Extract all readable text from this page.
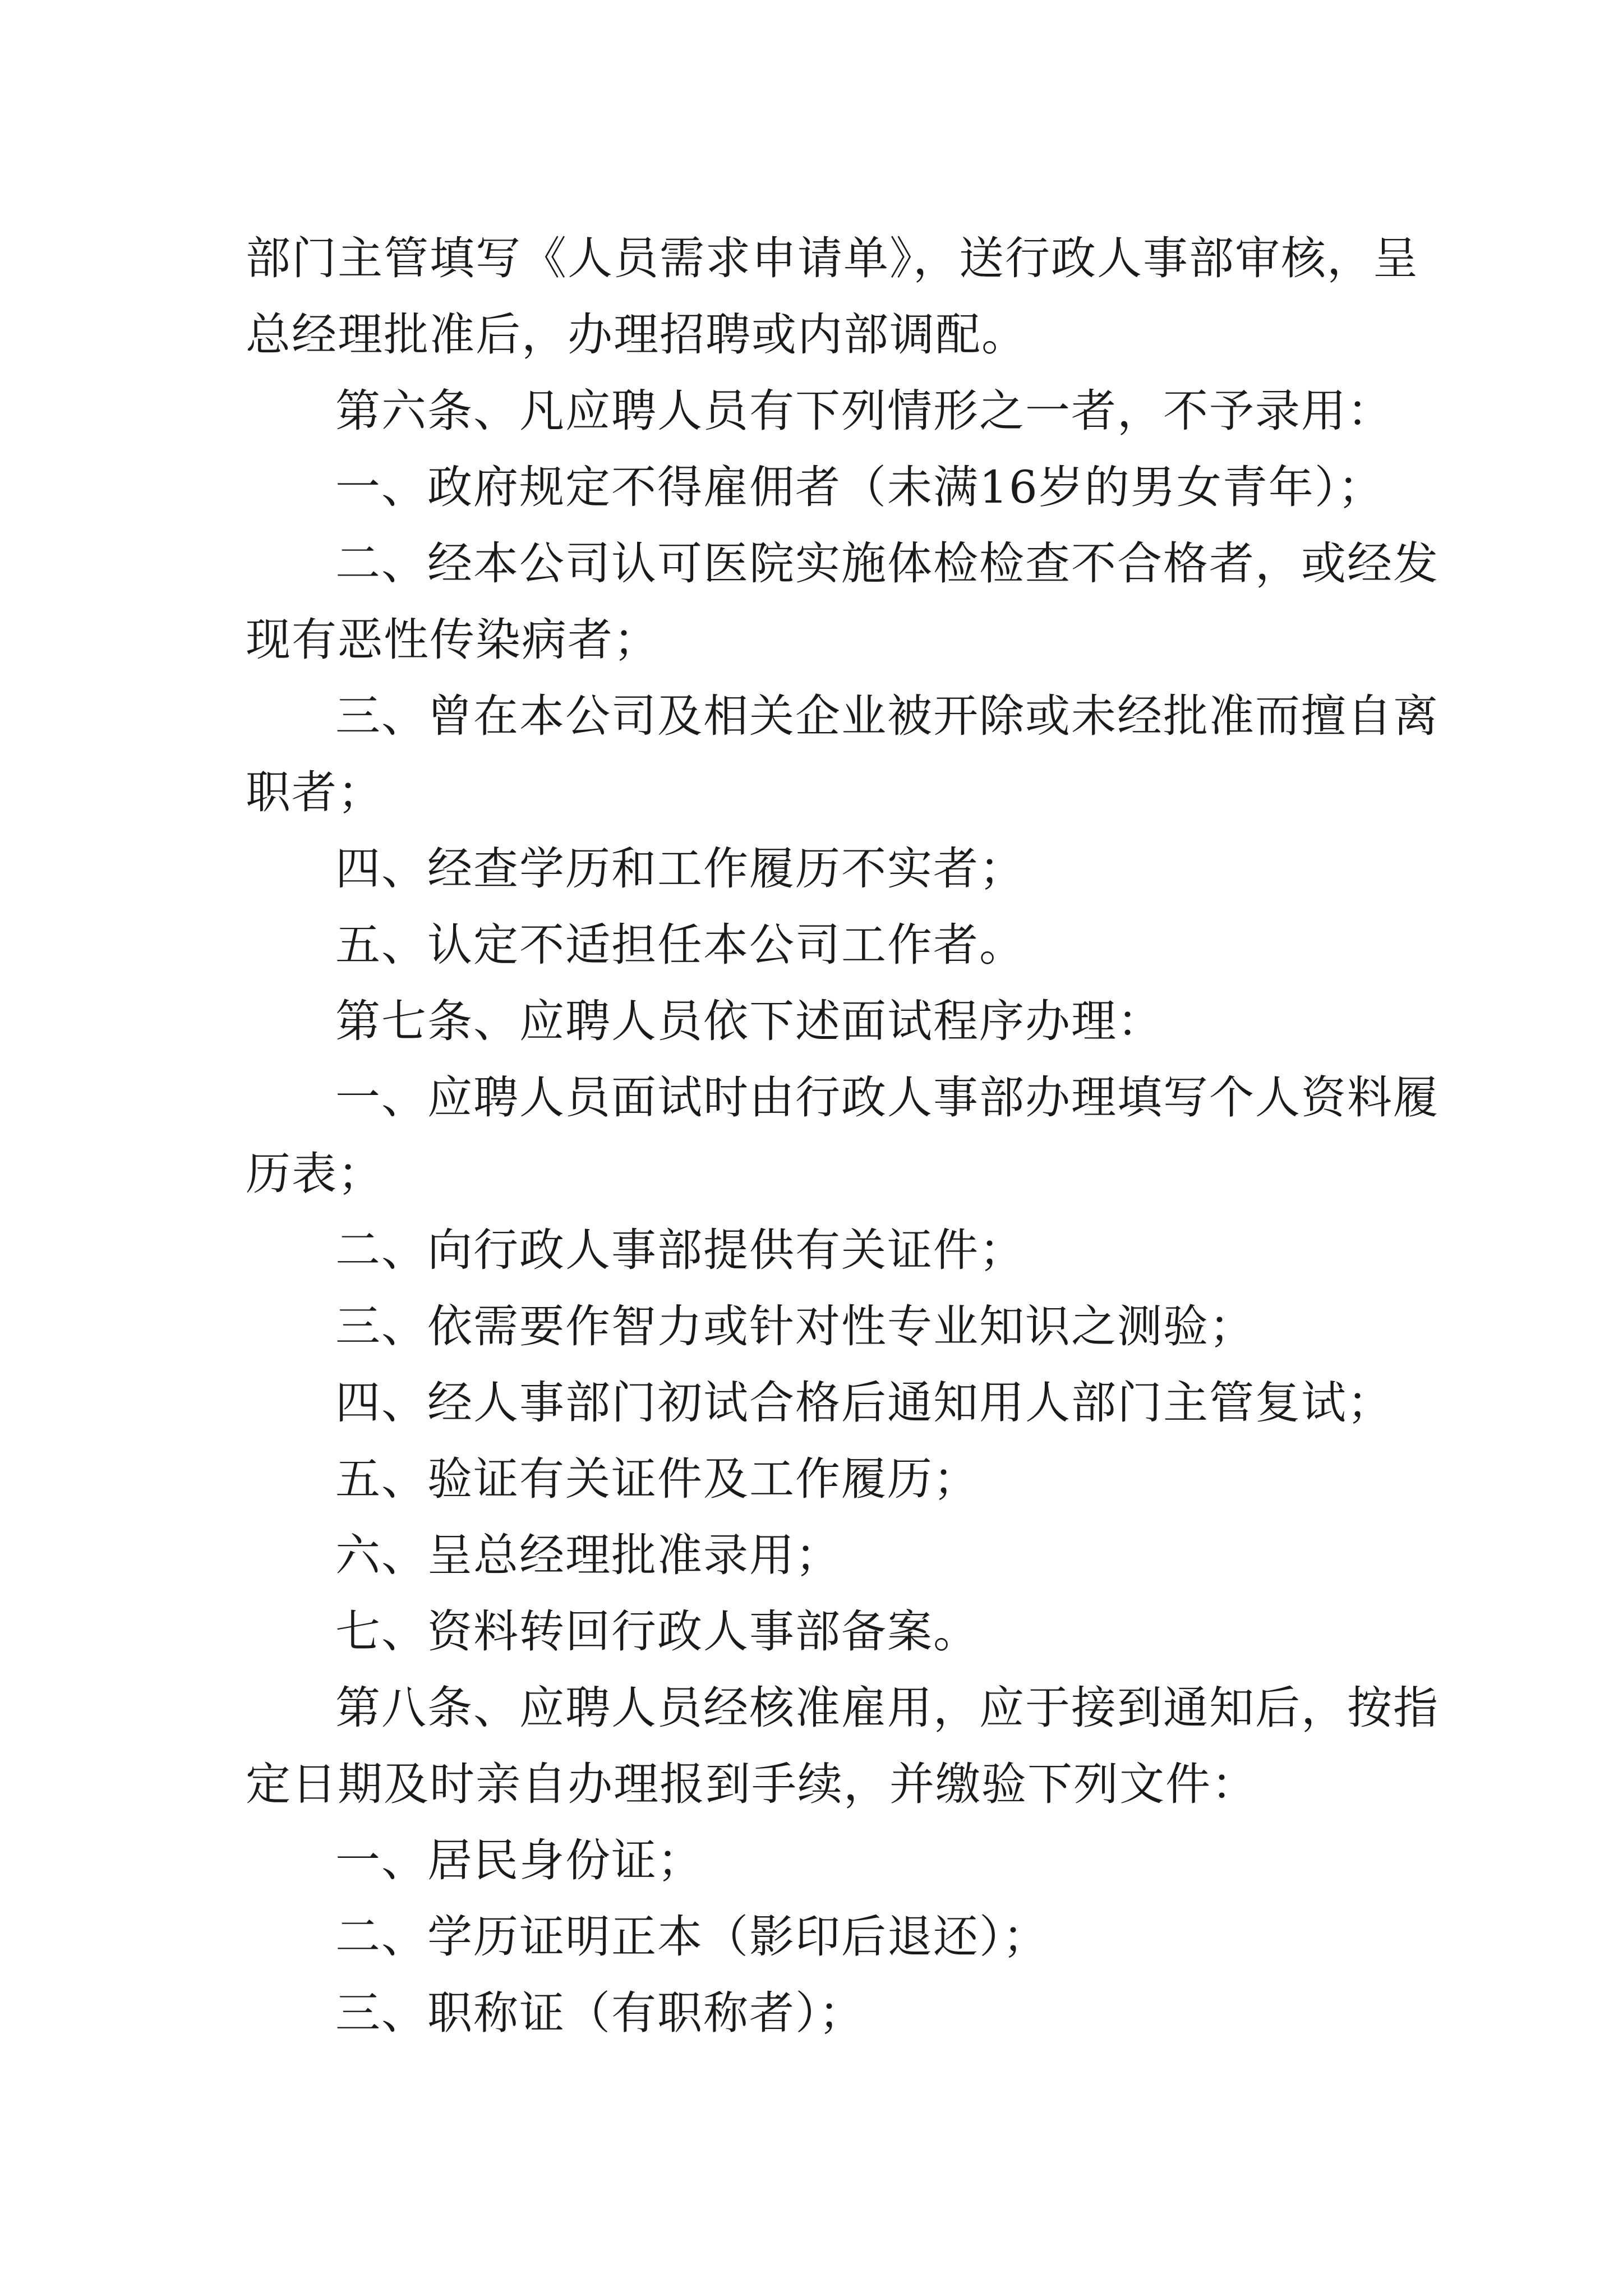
部门主管填写《人员需求申请单》，送行政人事部审核，呈
总经理批准后，办理招聘或内部调配。
第六条、凡应聘人员有下列情形之一者，不予录用：
一、政府规定不得雇佣者（未满16岁的男女青年）；
二、经本公司认可医院实施体检检查不合格者，或经发
现有恶性传染病者；
三、曾在本公司及相关企业被开除或未经批准而擅自离
职者；
四、经查学历和工作履历不实者；
五、认定不适担任本公司工作者。
第七条、应聘人员依下述面试程序办理：
一、应聘人员面试时由行政人事部办理填写个人资料履
历表；
二、向行政人事部提供有关证件；
三、依需要作智力或针对性专业知识之测验；
四、经人事部门初试合格后通知用人部门主管复试；
五、验证有关证件及工作履历；
六、呈总经理批准录用；
七、资料转回行政人事部备案。
第八条、应聘人员经核准雇用，应于接到通知后，按指
定日期及时亲自办理报到手续，并缴验下列文件：
一、居民身份证；
二、学历证明正本（影印后退还）；
三、职称证（有职称者）；
